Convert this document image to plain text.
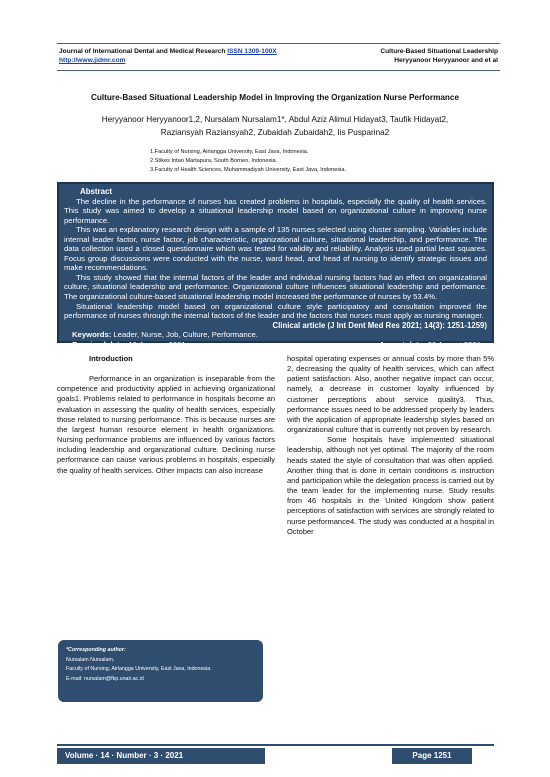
Journal of International Dental and Medical Research ISSN 1309-100X
http://www.jidmr.com
Culture-Based Situational Leadership
Heryyanoor Heryyanoor and et al
Culture-Based Situational Leadership Model in Improving the Organization Nurse Performance
Heryyanoor Heryyanoor1,2, Nursalam Nursalam1*, Abdul Aziz Alimul Hidayat3, Taufik Hidayat2,
Raziansyah Raziansyah2, Zubaidah Zubaidah2, Iis Pusparina2
1.Faculty of Nursing, Airlangga University, East Java, Indonesia.
2.Stikes Intan Martapura, South Borneo, Indonesia.
3.Faculty of Health Sciences, Muhammadiyah University, East Java, Indonesia.
Abstract

The decline in the performance of nurses has created problems in hospitals, especially the quality of health services. This study was aimed to develop a situational leadership model based on organizational culture in improving nurse performance.

This was an explanatory research design with a sample of 135 nurses selected using cluster sampling. Variables include internal leader factor, nurse factor, job characteristic, organizational culture, situational leadership, and performance. The data collection used a closed questionnaire which was tested for validity and reliability. Analysis used partial least squares. Focus group discussions were conducted with the nurse, ward head, and head of nursing to identify strategic issues and make recommendations.

This study showed that the internal factors of the leader and individual nursing factors had an effect on organizational culture, situational leadership and performance. Organizational culture influences situational leadership and performance. The organizational culture-based situational leadership model increased the performance of nurses by 53.4%.

Situational leadership model based on organizational culture style participatory and consultation improved the performance of nurses through the internal factors of the leader and the factors that nurses must apply as nursing manager.

Clinical article (J Int Dent Med Res 2021; 14(3): 1251-1259)
Keywords: Leader, Nurse, Job, Culture, Performance.
Received date: 19 January 2021	Accept date: 06 August 2021

Introduction

Performance in an organization is inseparable from the competence and productivity applied in achieving organizational goals1. Problems related to performance in hospitals become an evaluation in assessing the quality of health services, especially those related to nursing performance. This is because nurses are the largest human resource element in health organizations. Nursing performance problems are influenced by various factors including leadership and organizational culture. Declining nurse performance can cause various problems in hospitals, especially the quality of health services. Other impacts can also increase

hospital operating expenses or annual costs by more than 5% 2, decreasing the quality of health services, which can affect patient satisfaction. Also, another negative impact can occur, namely, a decrease in customer loyalty influenced by customer perceptions about service quality3. Thus, performance issues need to be addressed properly by leaders with the application of appropriate leadership styles based on organizational culture that is currently not proven by research.

Some hospitals have implemented situational leadership, although not yet optimal. The majority of the room heads stated the style of consultation that was often applied. Another thing that is done in certain conditions is instruction and participation while the delegation process is carried out by the team leader for the implementing nurse. Study results from 46 hospitals in the United Kingdom show patient perceptions of satisfaction with services are strongly related to nurse performance4. The study was conducted at a hospital in October

*Corresponding author:
Nursalam Nursalam,
Faculty of Nursing, Airlangga University, East Java, Indonesia.
E-mail: nursalam@fkp.unair.ac.id
Volume · 14 · Number · 3 · 2021	Page 1251
